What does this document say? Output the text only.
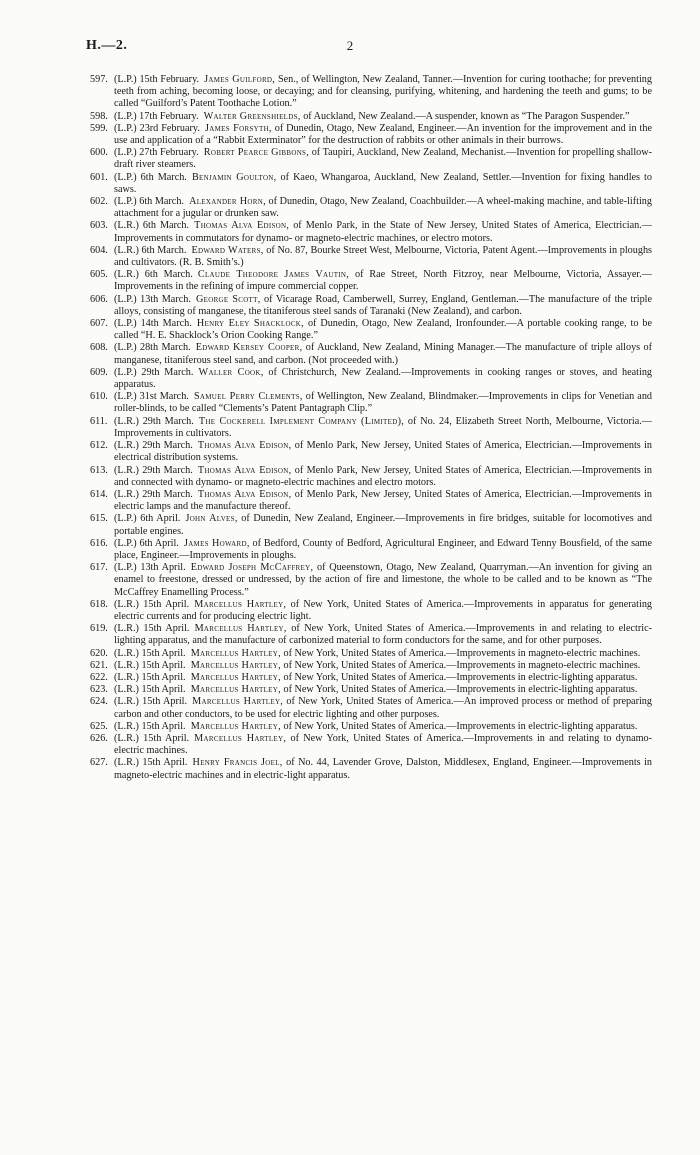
H.—2.	2

597. (L.P.) 15th February.  James Guilford, Sen., of Wellington, New Zealand, Tanner.—Invention for curing toothache; for preventing teeth from aching, becoming loose, or decaying; and for cleansing, purifying, whitening, and hardening the teeth and gums; to be called “Guilford’s Patent Toothache Lotion.”

598. (L.P.) 17th February.  Walter Greenshields, of Auckland, New Zealand.—A suspender, known as “The Paragon Suspender.”

599. (L.P.) 23rd February.  James Forsyth, of Dunedin, Otago, New Zealand, Engineer.—An invention for the improvement and in the use and application of a “Rabbit Exterminator” for the destruction of rabbits or other animals in their burrows.

600. (L.P.) 27th February.  Robert Pearce Gibbons, of Taupiri, Auckland, New Zealand, Mechanist.—Invention for propelling shallow-draft river steamers.

601. (L.P.) 6th March.  Benjamin Goulton, of Kaeo, Whangaroa, Auckland, New Zealand, Settler.—Invention for fixing handles to saws.

602. (L.P.) 6th March.  Alexander Horn, of Dunedin, Otago, New Zealand, Coachbuilder.—A wheel-making machine, and table-lifting attachment for a jugular or drunken saw.

603. (L.R.) 6th March.  Thomas Alva Edison, of Menlo Park, in the State of New Jersey, United States of America, Electrician.—Improvements in commutators for dynamo- or magneto-electric machines, or electro motors.

604. (L.R.) 6th March.  Edward Waters, of No. 87, Bourke Street West, Melbourne, Victoria, Patent Agent.—Improvements in ploughs and cultivators. (R. B. Smith’s.)

605. (L.R.) 6th March.  Claude Theodore James Vautin, of Rae Street, North Fitzroy, near Melbourne, Victoria, Assayer.—Improvements in the refining of impure commercial copper.

606. (L.P.) 13th March.  George Scott, of Vicarage Road, Camberwell, Surrey, England, Gentleman.—The manufacture of the triple alloys, consisting of manganese, the titaniferous steel sands of Taranaki (New Zealand), and carbon.

607. (L.P.) 14th March.  Henry Eley Shacklock, of Dunedin, Otago, New Zealand, Ironfounder.—A portable cooking range, to be called “H. E. Shacklock’s Orion Cooking Range.”

608. (L.P.) 28th March.  Edward Kersey Cooper, of Auckland, New Zealand, Mining Manager.—The manufacture of triple alloys of manganese, titaniferous steel sand, and carbon. (Not proceeded with.)

609. (L.P.) 29th March.  Waller Cook, of Christchurch, New Zealand.—Improvements in cooking ranges or stoves, and heating apparatus.

610. (L.P.) 31st March.  Samuel Perry Clements, of Wellington, New Zealand, Blindmaker.—Improvements in clips for Venetian and roller-blinds, to be called “Clements’s Patent Pantagraph Clip.”

611. (L.R.) 29th March.  The Cockerell Implement Company (Limited), of No. 24, Elizabeth Street North, Melbourne, Victoria.—Improvements in cultivators.

612. (L.R.) 29th March.  Thomas Alva Edison, of Menlo Park, New Jersey, United States of America, Electrician.—Improvements in electrical distribution systems.

613. (L.R.) 29th March.  Thomas Alva Edison, of Menlo Park, New Jersey, United States of America, Electrician.—Improvements in and connected with dynamo- or magneto-electric machines and electro motors.

614. (L.R.) 29th March.  Thomas Alva Edison, of Menlo Park, New Jersey, United States of America, Electrician.—Improvements in electric lamps and the manufacture thereof.

615. (L.P.) 6th April.  John Alves, of Dunedin, New Zealand, Engineer.—Improvements in fire bridges, suitable for locomotives and portable engines.

616. (L.P.) 6th April.  James Howard, of Bedford, County of Bedford, Agricultural Engineer, and Edward Tenny Bousfield, of the same place, Engineer.—Improvements in ploughs.

617. (L.P.) 13th April.  Edward Joseph McCaffrey, of Queenstown, Otago, New Zealand, Quarryman.—An invention for giving an enamel to freestone, dressed or undressed, by the action of fire and limestone, the whole to be called and to be known as “The McCaffrey Enamelling Process.”

618. (L.R.) 15th April.  Marcellus Hartley, of New York, United States of America.—Improvements in apparatus for generating electric currents and for producing electric light.

619. (L.R.) 15th April.  Marcellus Hartley, of New York, United States of America.—Improvements in and relating to electric-lighting apparatus, and the manufacture of carbonized material to form conductors for the same, and for other purposes.

620. (L.R.) 15th April.  Marcellus Hartley, of New York, United States of America.—Improvements in magneto-electric machines.

621. (L.R.) 15th April.  Marcellus Hartley, of New York, United States of America.—Improvements in magneto-electric machines.

622. (L.R.) 15th April.  Marcellus Hartley, of New York, United States of America.—Improvements in electric-lighting apparatus.

623. (L.R.) 15th April.  Marcellus Hartley, of New York, United States of America.—Improvements in electric-lighting apparatus.

624. (L.R.) 15th April.  Marcellus Hartley, of New York, United States of America.—An improved process or method of preparing carbon and other conductors, to be used for electric lighting and other purposes.

625. (L.R.) 15th April.  Marcellus Hartley, of New York, United States of America.—Improvements in electric-lighting apparatus.

626. (L.R.) 15th April.  Marcellus Hartley, of New York, United States of America.—Improvements in and relating to dynamo-electric machines.

627. (L.R.) 15th April.  Henry Francis Joel, of No. 44, Lavender Grove, Dalston, Middlesex, England, Engineer.—Improvements in magneto-electric machines and in electric-light apparatus.
